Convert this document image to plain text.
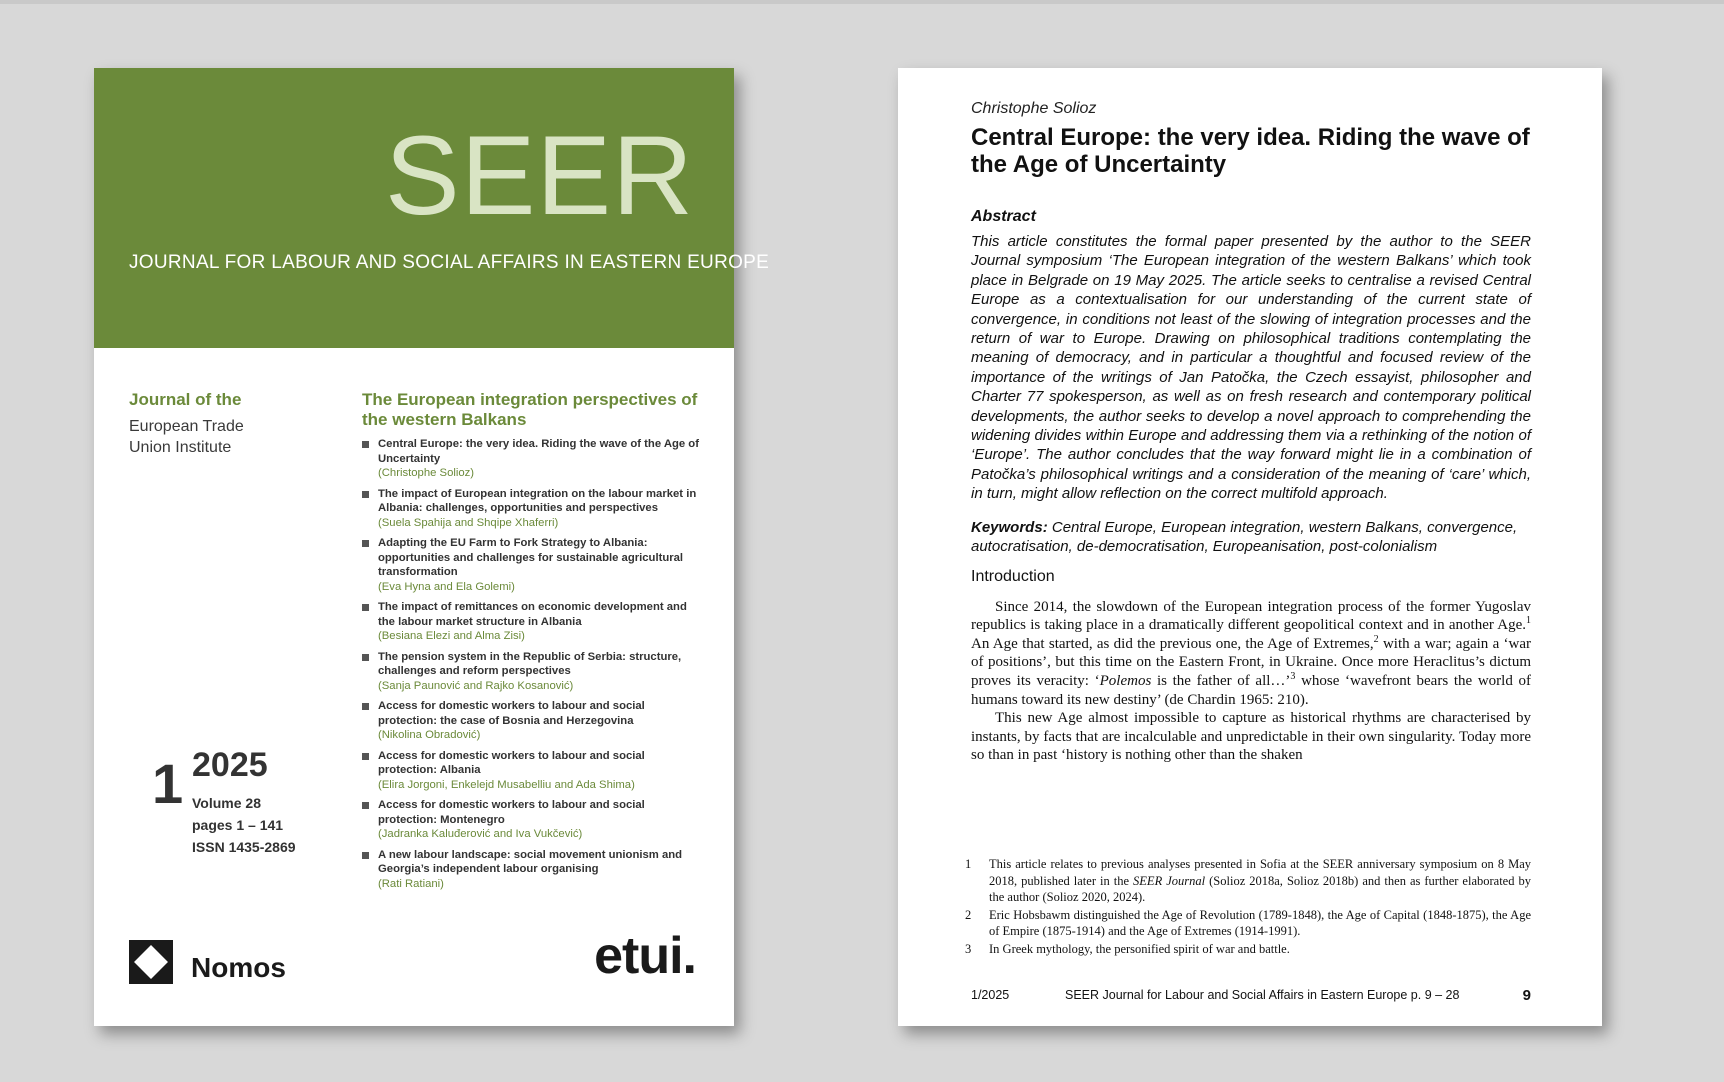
SEER
JOURNAL FOR LABOUR AND SOCIAL AFFAIRS IN EASTERN EUROPE
Journal of the
European Trade
Union Institute
The European integration perspectives of the western Balkans
Central Europe: the very idea. Riding the wave of the Age of Uncertainty
(Christophe Solioz)
The impact of European integration on the labour market in Albania: challenges, opportunities and perspectives
(Suela Spahija and Shqipe Xhaferri)
Adapting the EU Farm to Fork Strategy to Albania: opportunities and challenges for sustainable agricultural transformation
(Eva Hyna and Ela Golemi)
The impact of remittances on economic development and the labour market structure in Albania
(Besiana Elezi and Alma Zisi)
The pension system in the Republic of Serbia: structure, challenges and reform perspectives
(Sanja Paunović and Rajko Kosanović)
Access for domestic workers to labour and social protection: the case of Bosnia and Herzegovina
(Nikolina Obradović)
Access for domestic workers to labour and social protection: Albania
(Elira Jorgoni, Enkelejd Musabelliu and Ada Shima)
Access for domestic workers to labour and social protection: Montenegro
(Jadranka Kaluđerović and Iva Vukčević)
A new labour landscape: social movement unionism and Georgia’s independent labour organising
(Rati Ratiani)
1 2025
Volume 28
pages 1 – 141
ISSN 1435-2869
Nomos	etui.
Christophe Solioz
Central Europe: the very idea. Riding the wave of the Age of Uncertainty
Abstract
This article constitutes the formal paper presented by the author to the SEER Journal symposium ‘The European integration of the western Balkans’ which took place in Belgrade on 19 May 2025. The article seeks to centralise a revised Central Europe as a contextualisation for our understanding of the current state of convergence, in conditions not least of the slowing of integration processes and the return of war to Europe. Drawing on philosophical traditions contemplating the meaning of democracy, and in particular a thoughtful and focused review of the importance of the writings of Jan Patočka, the Czech essayist, philosopher and Charter 77 spokesperson, as well as on fresh research and contemporary political developments, the author seeks to develop a novel approach to comprehending the widening divides within Europe and addressing them via a rethinking of the notion of ‘Europe’. The author concludes that the way forward might lie in a combination of Patočka’s philosophical writings and a consideration of the meaning of ‘care’ which, in turn, might allow reflection on the correct multifold approach.
Keywords: Central Europe, European integration, western Balkans, convergence, autocratisation, de-democratisation, Europeanisation, post-colonialism
Introduction

Since 2014, the slowdown of the European integration process of the former Yugoslav republics is taking place in a dramatically different geopolitical context and in another Age.$^1$ An Age that started, as did the previous one, the Age of Extremes,$^2$ with a war; again a ‘war of positions’, but this time on the Eastern Front, in Ukraine. Once more Heraclitus’s dictum proves its veracity: ‘Polemos is the father of all…’$^3$ whose ‘wavefront bears the world of humans toward its new destiny’ (de Chardin 1965: 210).

This new Age almost impossible to capture as historical rhythms are characterised by instants, by facts that are incalculable and unpredictable in their own singularity. Today more so than in past ‘history is nothing other than the shaken

1 This article relates to previous analyses presented in Sofia at the SEER anniversary symposium on 8 May 2018, published later in the SEER Journal (Solioz 2018a, Solioz 2018b) and then as further elaborated by the author (Solioz 2020, 2024).
2 Eric Hobsbawm distinguished the Age of Revolution (1789-1848), the Age of Capital (1848-1875), the Age of Empire (1875-1914) and the Age of Extremes (1914-1991).
3 In Greek mythology, the personified spirit of war and battle.
1/2025	SEER Journal for Labour and Social Affairs in Eastern Europe p. 9 – 28	9
